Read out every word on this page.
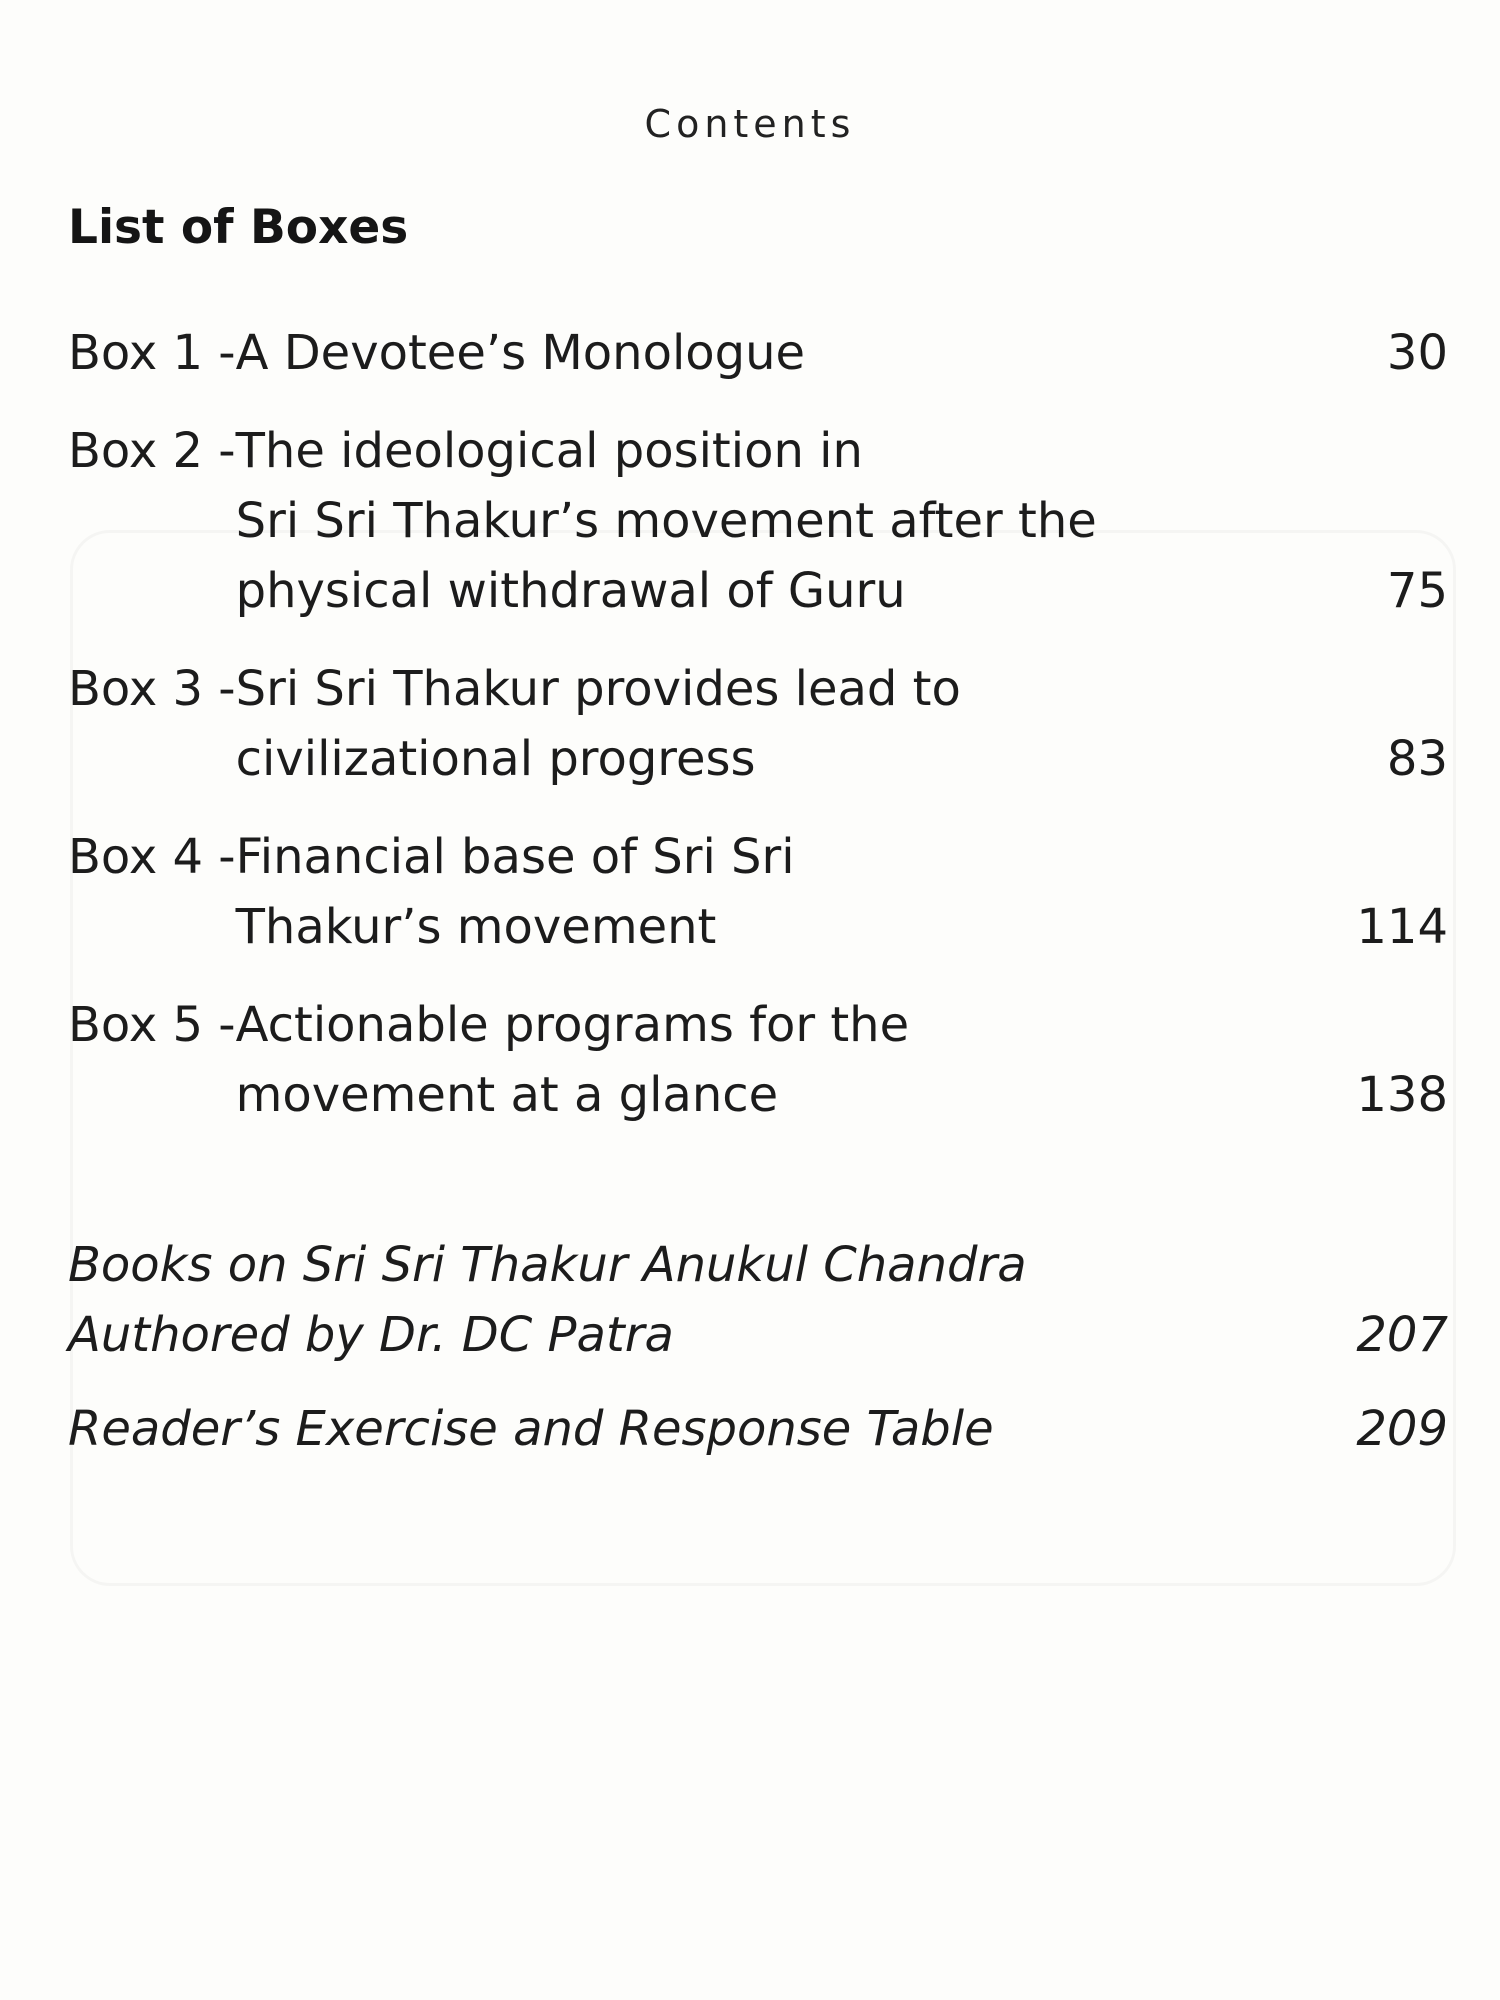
Contents
List of Boxes
Box 1 - A Devotee’s Monologue	30
Box 2 - The ideological position in
Sri Sri Thakur’s movement after the
physical withdrawal of Guru	75
Box 3 - Sri Sri Thakur provides lead to
civilizational progress	83
Box 4 - Financial base of Sri Sri
Thakur’s movement	114
Box 5 - Actionable programs for the
movement at a glance	138
Books on Sri Sri Thakur Anukul Chandra
Authored by Dr. DC Patra	207
Reader’s Exercise and Response Table	209
